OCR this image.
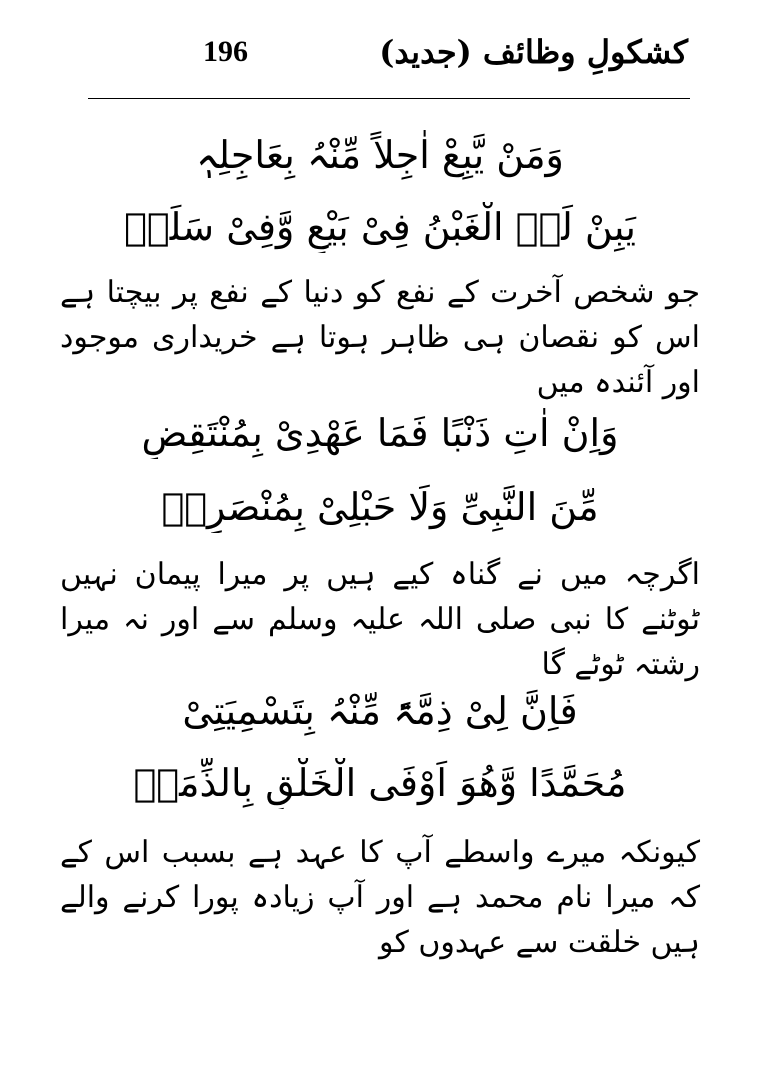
کشکولِ وظائف (جدید)
196

وَمَنْ یَّبِعْ اٰجِلاً مِّنْہُ بِعَاجِلِہٖ

یَبِنْ لَہُ الْغَبْنُ فِیْ بَیْعٍ وَّفِیْ سَلَمٖ

جو شخص آخرت کے نفع کو دنیا کے نفع پر بیچتا ہے اس کو نقصان ہی ظاہر ہوتا ہے خریداری موجود اور آئندہ میں

وَاِنْ اٰتِ ذَنْبًا فَمَا عَھْدِیْ بِمُنْتَقِضٍ

مِّنَ النَّبِیِّ وَلَا حَبْلِیْ بِمُنْصَرِمٖ

اگرچہ میں نے گناہ کیے ہیں پر میرا پیمان نہیں ٹوٹنے کا نبی صلی اللہ علیہ وسلم سے اور نہ میرا رشتہ ٹوٹے گا

فَاِنَّ لِیْ ذِمَّۃً مِّنْہُ بِتَسْمِیَتِیْ

مُحَمَّدًا وَّھُوَ اَوْفَی الْخَلْقِ بِالذِّمَمٖ

کیونکہ میرے واسطے آپ کا عہد ہے بسبب اس کے کہ میرا نام محمد ہے اور آپ زیادہ پورا کرنے والے ہیں خلقت سے عہدوں کو
